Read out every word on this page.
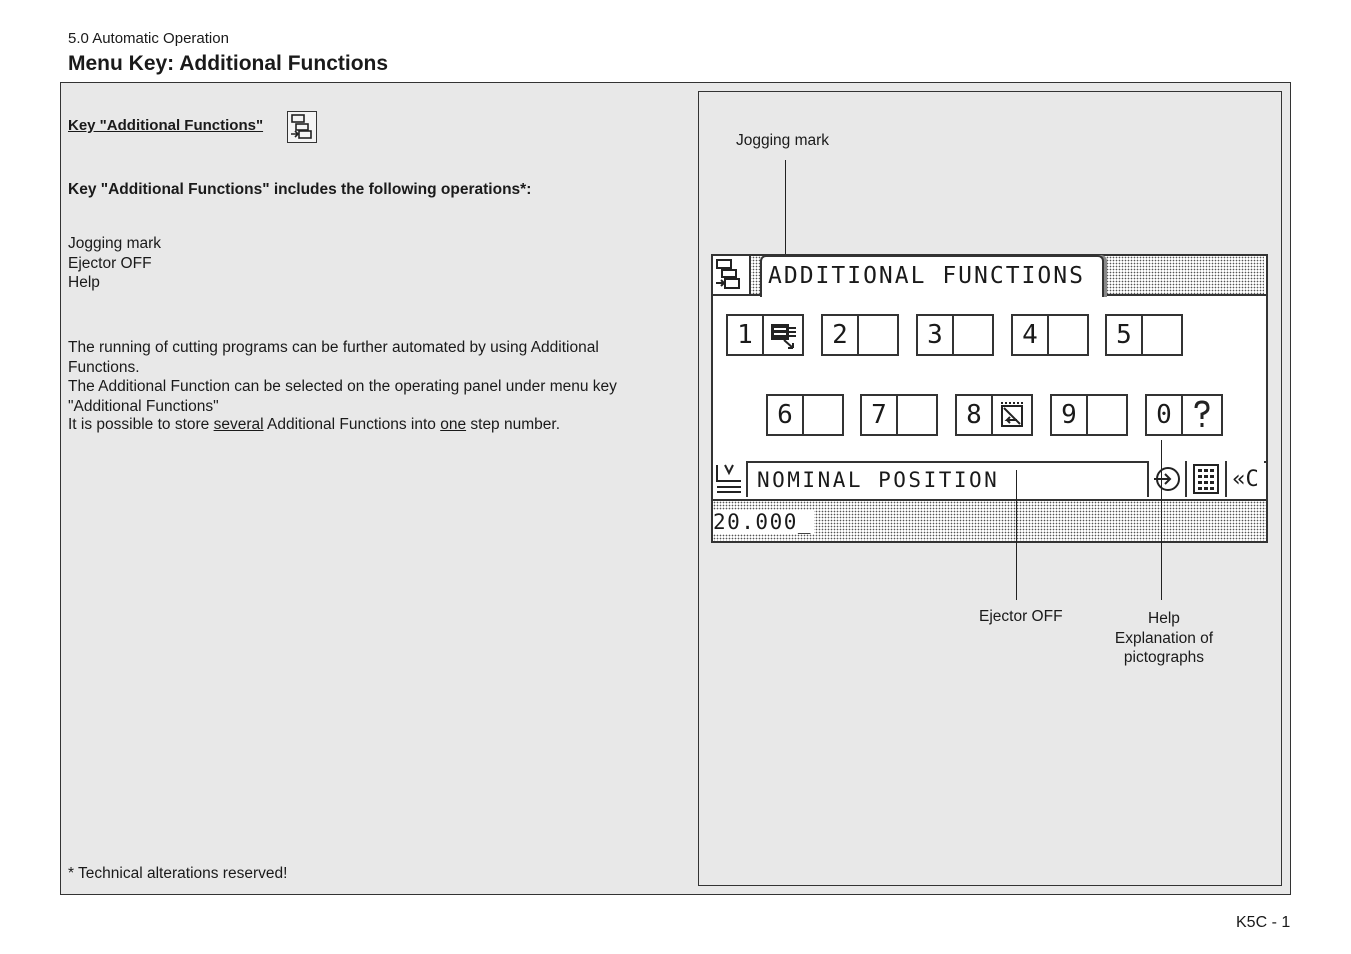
5.0 Automatic Operation
Menu Key: Additional Functions
Key "Additional Functions"
Key "Additional Functions" includes the following operations*:
Jogging mark
Ejector OFF
Help
The running of cutting programs can be further automated by using Additional Functions.
The Additional Function can be selected on the operating panel under menu key
"Additional Functions"
It is possible to store several Additional Functions into one step number.
* Technical alterations reserved!
Jogging mark
ADDITIONAL FUNCTIONS
1	2	3	4	5
6	7	8	9	0
NOMINAL POSITION	«C
20.000_
Ejector OFF	Help
Explanation of
pictographs
K5C - 1
